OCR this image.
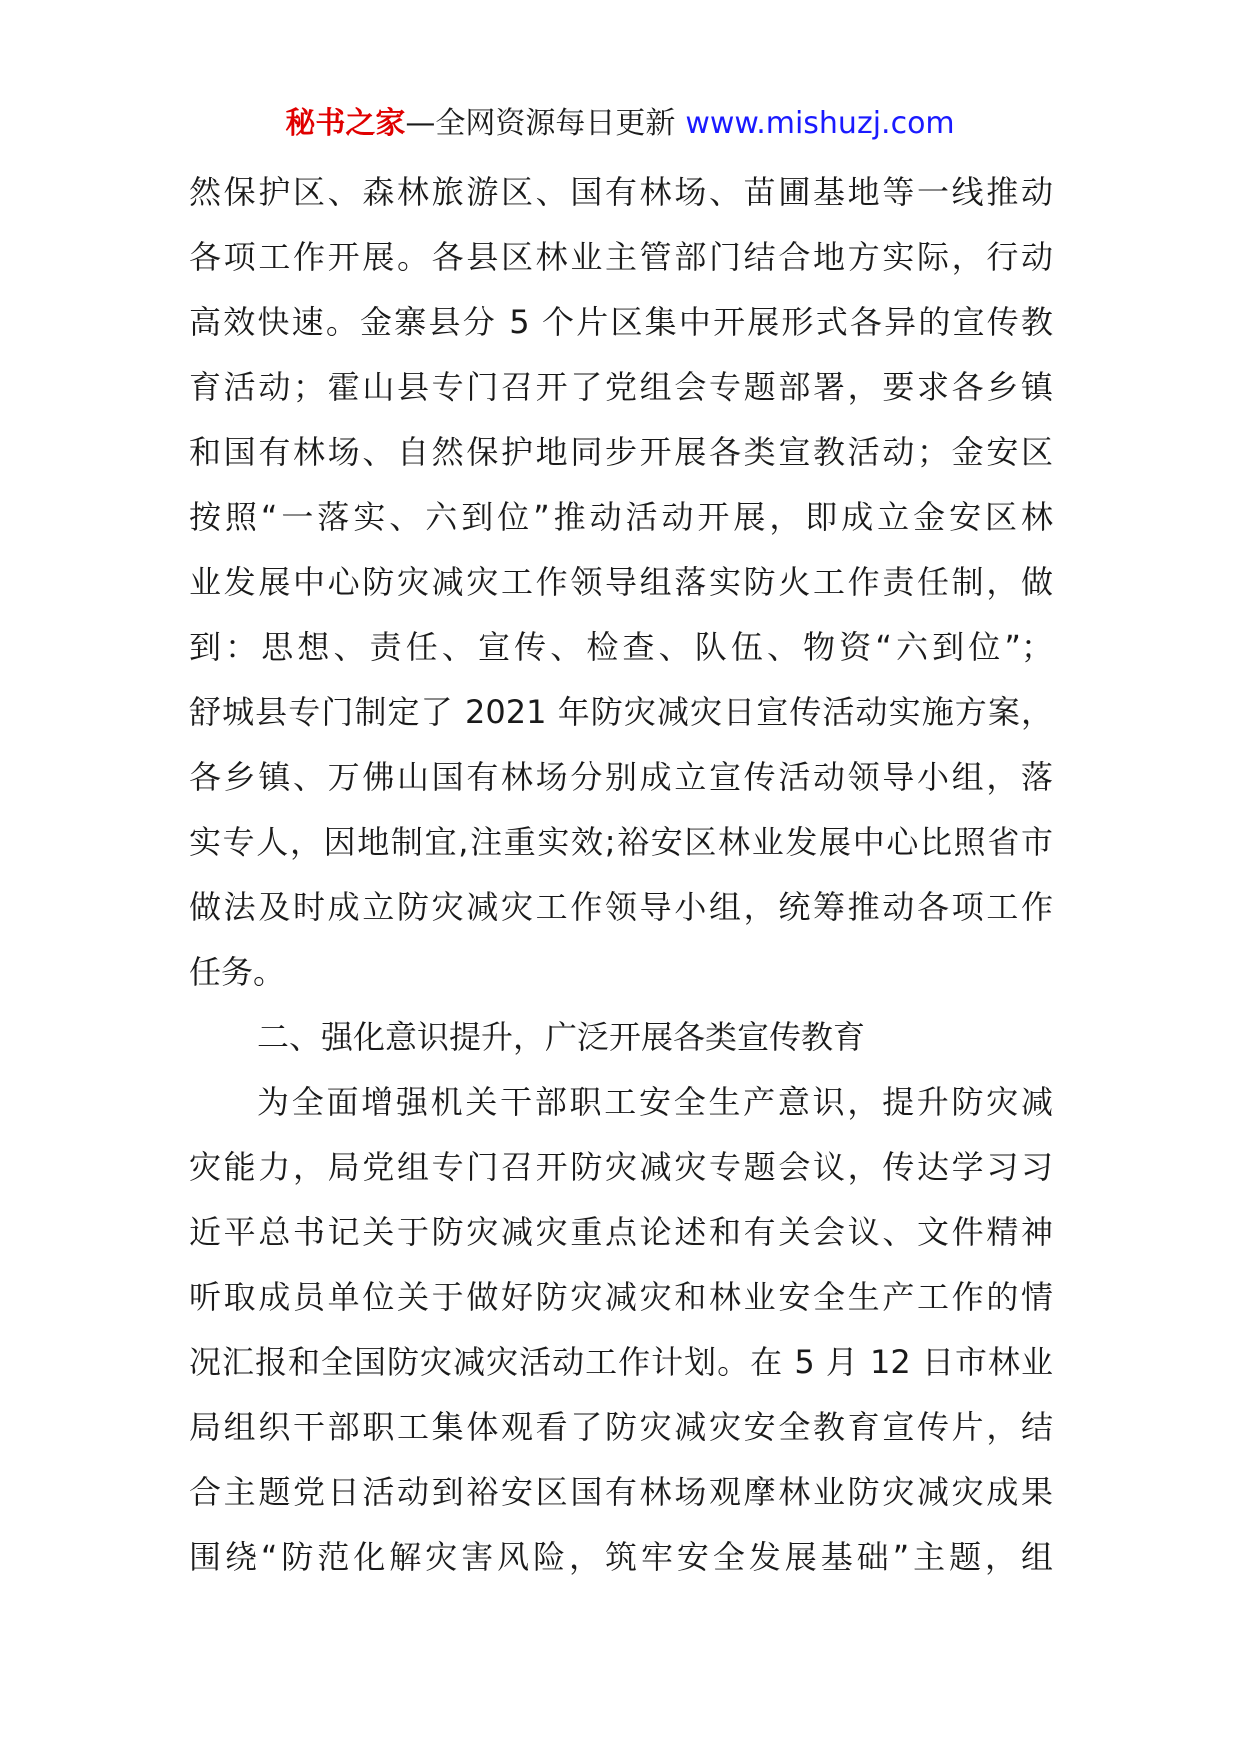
秘书之家—全网资源每日更新 www.mishuzj.com
然保护区、森林旅游区、国有林场、苗圃基地等一线推动
各项工作开展。各县区林业主管部门结合地方实际，行动
高效快速。金寨县分 5 个片区集中开展形式各异的宣传教
育活动；霍山县专门召开了党组会专题部署，要求各乡镇
和国有林场、自然保护地同步开展各类宣教活动；金安区
按照“一落实、六到位”推动活动开展，即成立金安区林
业发展中心防灾减灾工作领导组落实防火工作责任制，做
到：思想、责任、宣传、检查、队伍、物资“六到位”；
舒城县专门制定了 2021 年防灾减灾日宣传活动实施方案，
各乡镇、万佛山国有林场分别成立宣传活动领导小组，落
实专人，因地制宜,注重实效;裕安区林业发展中心比照省市
做法及时成立防灾减灾工作领导小组，统筹推动各项工作
任务。
二、强化意识提升，广泛开展各类宣传教育
为全面增强机关干部职工安全生产意识，提升防灾减
灾能力，局党组专门召开防灾减灾专题会议，传达学习习
近平总书记关于防灾减灾重点论述和有关会议、文件精神
听取成员单位关于做好防灾减灾和林业安全生产工作的情
况汇报和全国防灾减灾活动工作计划。在 5 月 12 日市林业
局组织干部职工集体观看了防灾减灾安全教育宣传片，结
合主题党日活动到裕安区国有林场观摩林业防灾减灾成果
围绕“防范化解灾害风险，筑牢安全发展基础”主题，组
